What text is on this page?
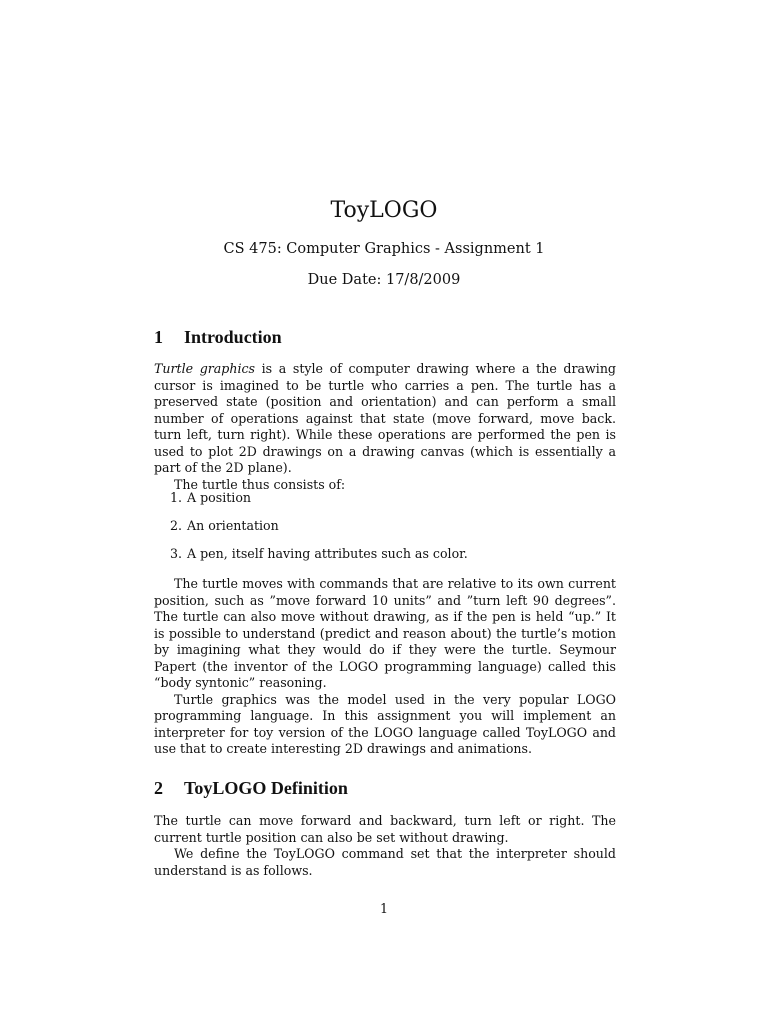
ToyLOGO
CS 475: Computer Graphics - Assignment 1
Due Date: 17/8/2009
1 Introduction

Turtle graphics is a style of computer drawing where a the drawing cursor is imagined to be turtle who carries a pen. The turtle has a preserved state (position and orientation) and can perform a small number of operations against that state (move forward, move back. turn left, turn right). While these operations are performed the pen is used to plot 2D drawings on a drawing canvas (which is essentially a part of the 2D plane).

The turtle thus consists of:

1. A position
2. An orientation
3. A pen, itself having attributes such as color.

The turtle moves with commands that are relative to its own current position, such as ”move forward 10 units” and ”turn left 90 degrees”. The turtle can also move without drawing, as if the pen is held “up.” It is possible to understand (predict and reason about) the turtle’s motion by imagining what they would do if they were the turtle. Seymour Papert (the inventor of the LOGO programming language) called this “body syntonic” reasoning.

Turtle graphics was the model used in the very popular LOGO programming language. In this assignment you will implement an interpreter for toy version of the LOGO language called ToyLOGO and use that to create interesting 2D drawings and animations.

2 ToyLOGO Definition

The turtle can move forward and backward, turn left or right. The current turtle position can also be set without drawing.

We define the ToyLOGO command set that the interpreter should understand is as follows.

1
